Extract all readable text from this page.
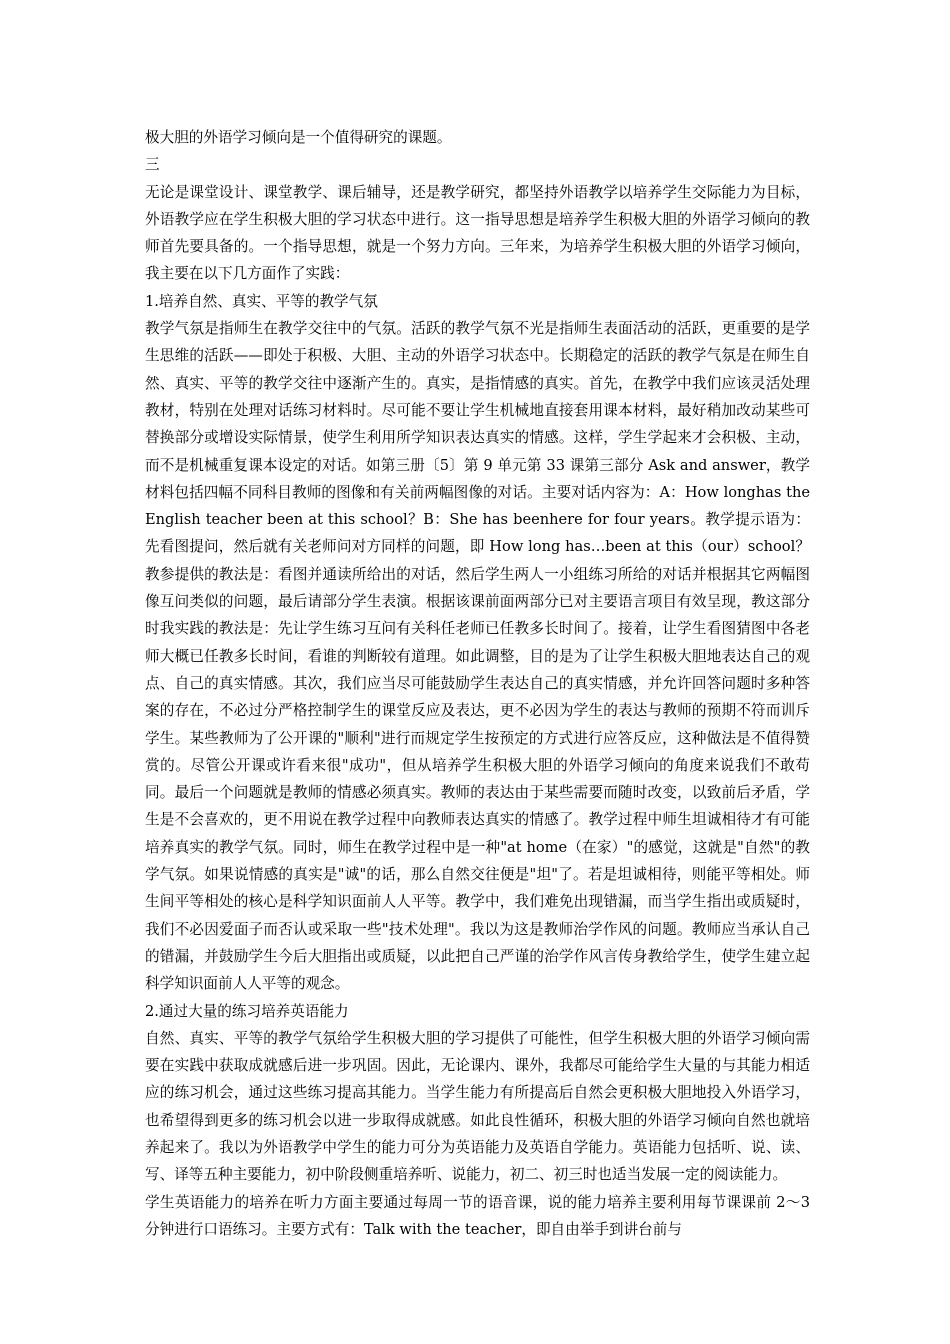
极大胆的外语学习倾向是一个值得研究的课题。

三

无论是课堂设计、课堂教学、课后辅导，还是教学研究，都坚持外语教学以培养学生交际能力为目标，外语教学应在学生积极大胆的学习状态中进行。这一指导思想是培养学生积极大胆的外语学习倾向的教师首先要具备的。一个指导思想，就是一个努力方向。三年来，为培养学生积极大胆的外语学习倾向，我主要在以下几方面作了实践：

1.培养自然、真实、平等的教学气氛

教学气氛是指师生在教学交往中的气氛。活跃的教学气氛不光是指师生表面活动的活跃，更重要的是学生思维的活跃——即处于积极、大胆、主动的外语学习状态中。长期稳定的活跃的教学气氛是在师生自然、真实、平等的教学交往中逐渐产生的。真实，是指情感的真实。首先，在教学中我们应该灵活处理教材，特别在处理对话练习材料时。尽可能不要让学生机械地直接套用课本材料，最好稍加改动某些可替换部分或增设实际情景，使学生利用所学知识表达真实的情感。这样，学生学起来才会积极、主动，而不是机械重复课本设定的对话。如第三册〔5〕第 9 单元第 33 课第三部分 Ask and answer，教学材料包括四幅不同科目教师的图像和有关前两幅图像的对话。主要对话内容为：A：How longhas the English teacher been at this school？B：She has beenhere for four years。教学提示语为：先看图提问，然后就有关老师问对方同样的问题，即 How long has…been at this（our）school？教参提供的教法是：看图并通读所给出的对话，然后学生两人一小组练习所给的对话并根据其它两幅图像互问类似的问题，最后请部分学生表演。根据该课前面两部分已对主要语言项目有效呈现，教这部分时我实践的教法是：先让学生练习互问有关科任老师已任教多长时间了。接着，让学生看图猜图中各老师大概已任教多长时间，看谁的判断较有道理。如此调整，目的是为了让学生积极大胆地表达自己的观点、自己的真实情感。其次，我们应当尽可能鼓励学生表达自己的真实情感，并允许回答问题时多种答案的存在，不必过分严格控制学生的课堂反应及表达，更不必因为学生的表达与教师的预期不符而训斥学生。某些教师为了公开课的"顺利"进行而规定学生按预定的方式进行应答反应，这种做法是不值得赞赏的。尽管公开课或许看来很"成功"，但从培养学生积极大胆的外语学习倾向的角度来说我们不敢苟同。最后一个问题就是教师的情感必须真实。教师的表达由于某些需要而随时改变，以致前后矛盾，学生是不会喜欢的，更不用说在教学过程中向教师表达真实的情感了。教学过程中师生坦诚相待才有可能培养真实的教学气氛。同时，师生在教学过程中是一种"at home（在家）"的感觉，这就是"自然"的教学气氛。如果说情感的真实是"诚"的话，那么自然交往便是"坦"了。若是坦诚相待，则能平等相处。师生间平等相处的核心是科学知识面前人人平等。教学中，我们难免出现错漏，而当学生指出或质疑时，我们不必因爱面子而否认或采取一些"技术处理"。我以为这是教师治学作风的问题。教师应当承认自己的错漏，并鼓励学生今后大胆指出或质疑，以此把自己严谨的治学作风言传身教给学生，使学生建立起科学知识面前人人平等的观念。

2.通过大量的练习培养英语能力

自然、真实、平等的教学气氛给学生积极大胆的学习提供了可能性，但学生积极大胆的外语学习倾向需要在实践中获取成就感后进一步巩固。因此，无论课内、课外，我都尽可能给学生大量的与其能力相适应的练习机会，通过这些练习提高其能力。当学生能力有所提高后自然会更积极大胆地投入外语学习，也希望得到更多的练习机会以进一步取得成就感。如此良性循环，积极大胆的外语学习倾向自然也就培养起来了。我以为外语教学中学生的能力可分为英语能力及英语自学能力。英语能力包括听、说、读、写、译等五种主要能力，初中阶段侧重培养听、说能力，初二、初三时也适当发展一定的阅读能力。

学生英语能力的培养在听力方面主要通过每周一节的语音课，说的能力培养主要利用每节课课前 2～3 分钟进行口语练习。主要方式有：Talk with the teacher，即自由举手到讲台前与
